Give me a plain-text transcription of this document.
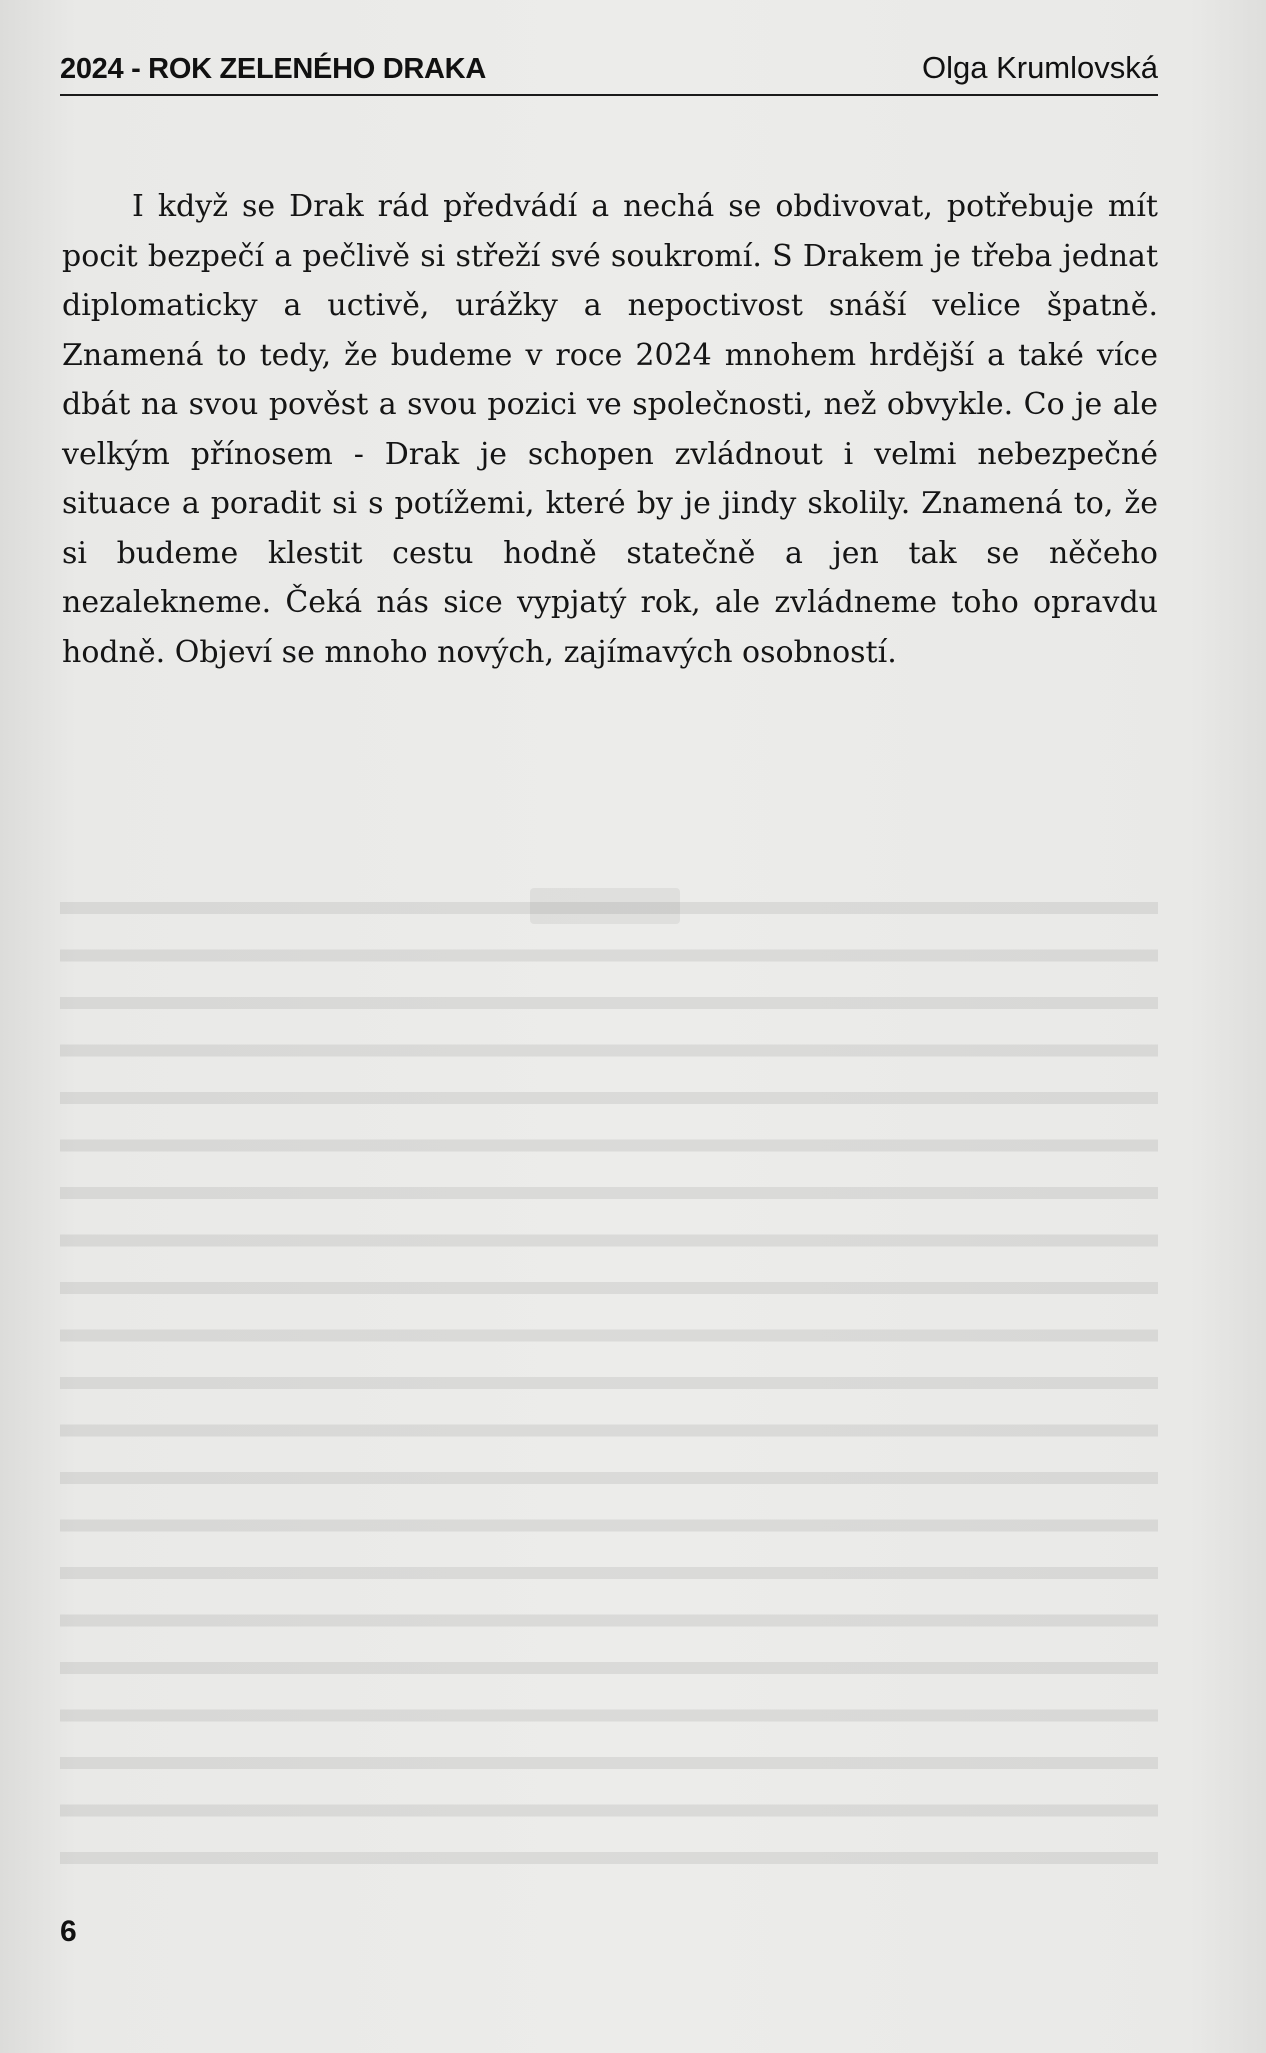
2024 - ROK ZELENÉHO DRAKA	Olga Krumlovská

I když se Drak rád předvádí a nechá se obdivovat, potřebuje mít pocit bezpečí a pečlivě si střeží své soukromí. S Drakem je třeba jednat diplomaticky a uctivě, urážky a nepoctivost snáší velice špatně. Znamená to tedy, že budeme v roce 2024 mnohem hrdější a také více dbát na svou pověst a svou pozici ve společnosti, než obvykle. Co je ale velkým přínosem - Drak je schopen zvládnout i velmi nebezpečné situace a poradit si s potížemi, které by je jindy skolily. Znamená to, že si budeme klestit cestu hodně statečně a jen tak se něčeho nezalekneme. Čeká nás sice vypjatý rok, ale zvládneme toho opravdu hodně. Objeví se mnoho nových, zajímavých osobností.

6
